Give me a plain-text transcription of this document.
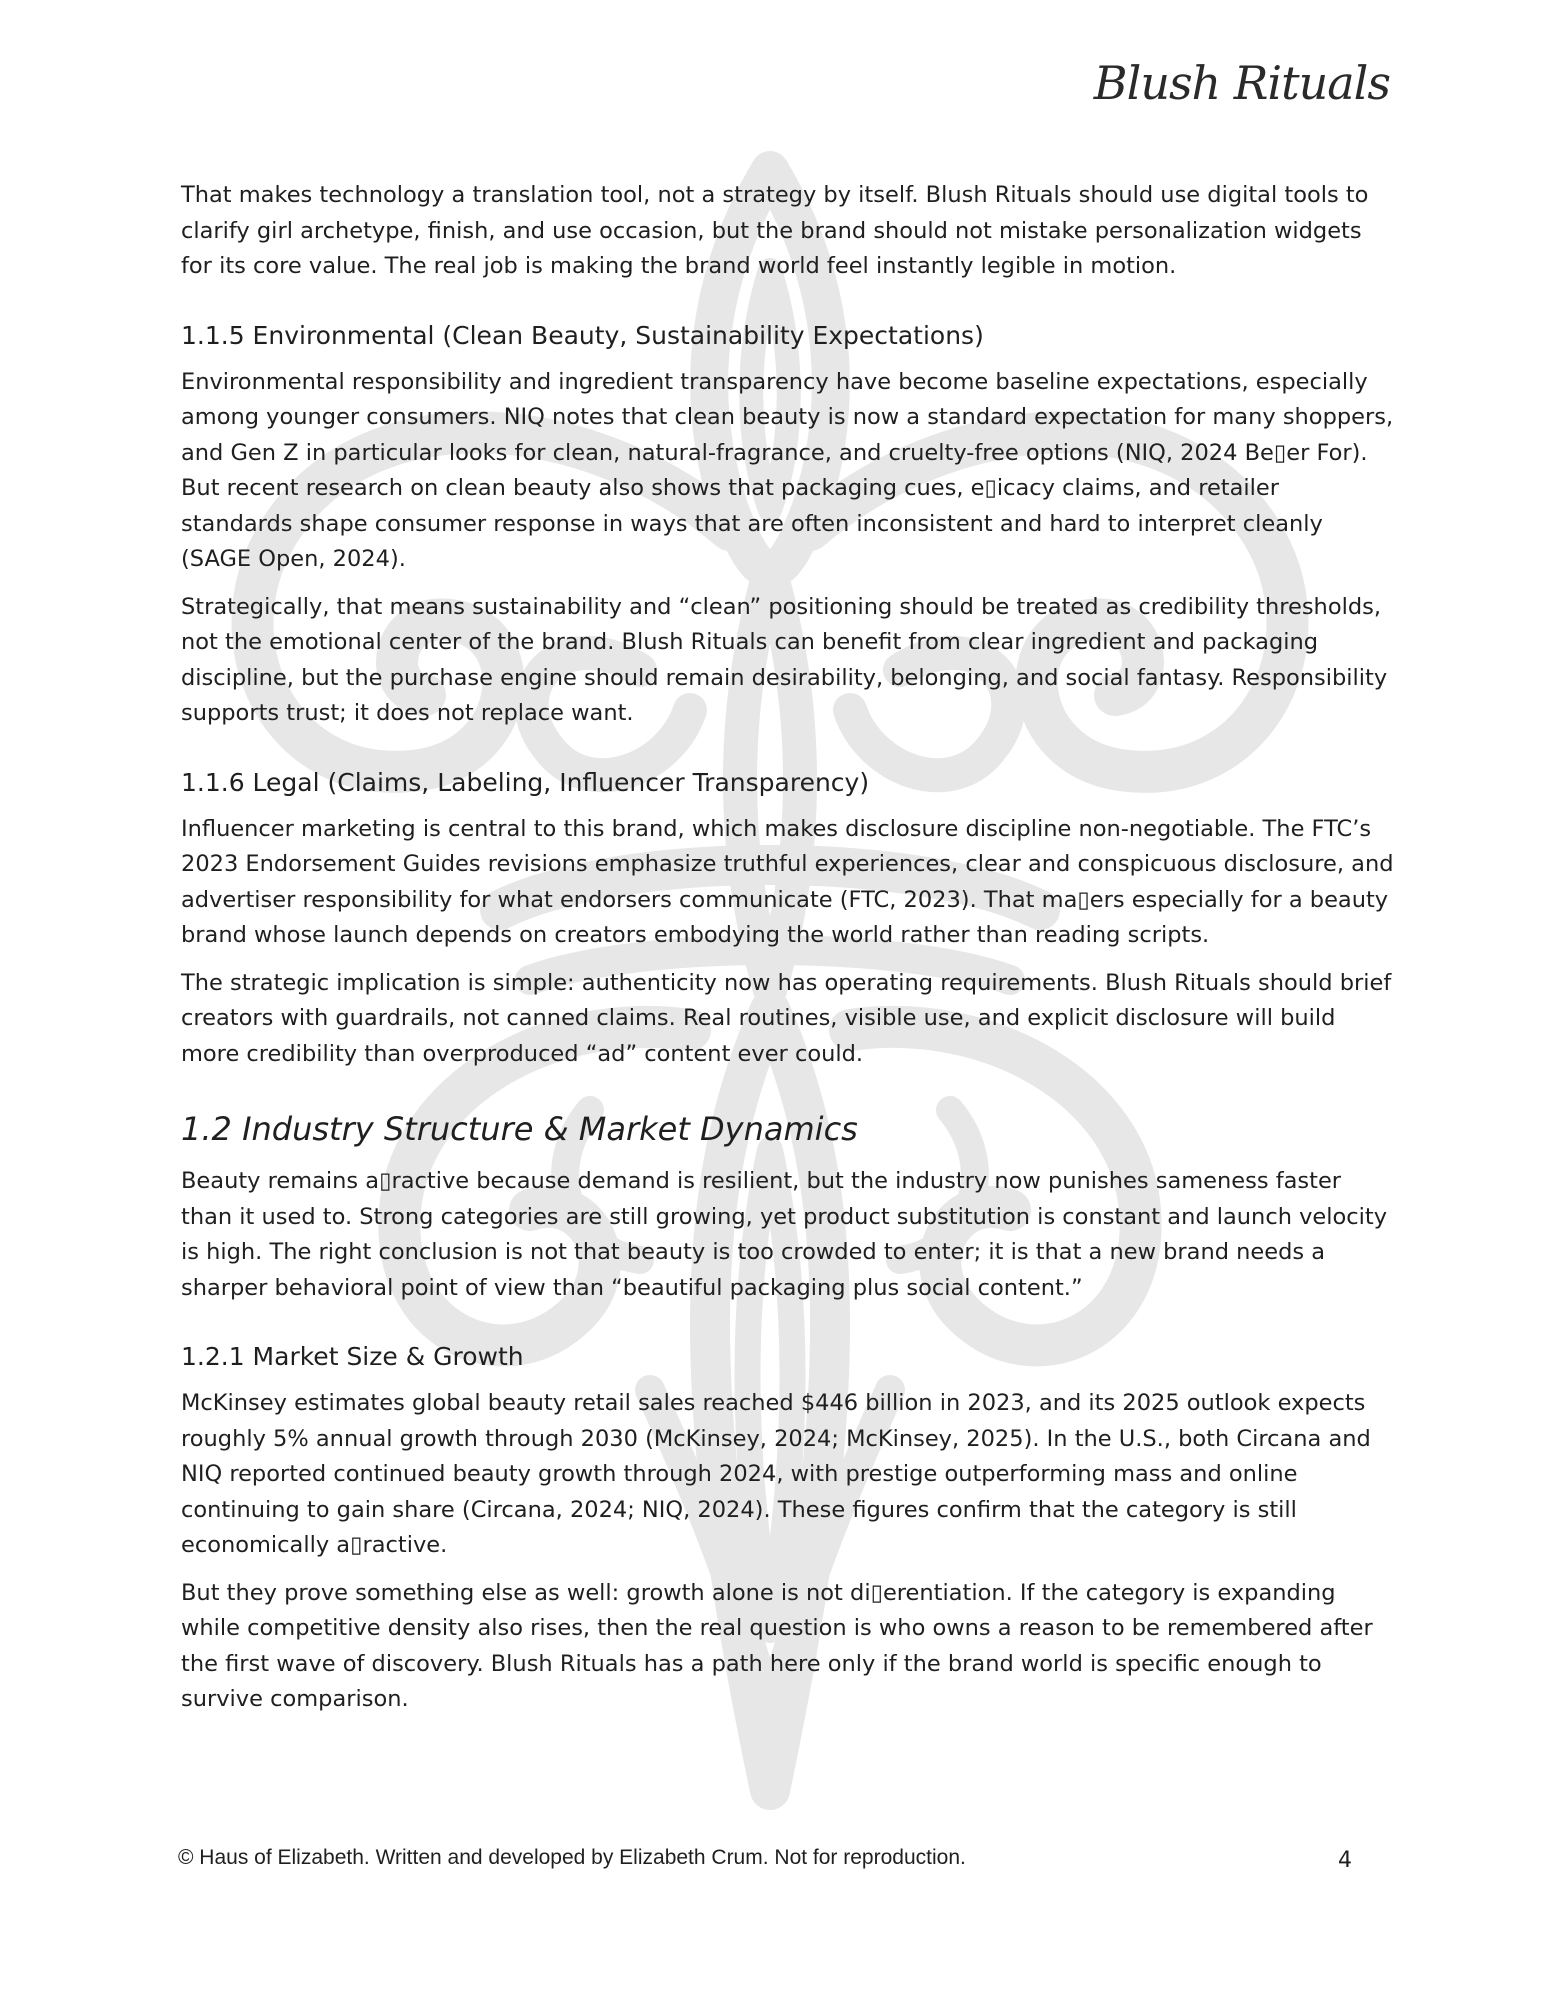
Blush Rituals

That makes technology a translation tool, not a strategy by itself. Blush Rituals should use digital tools to clarify girl archetype, finish, and use occasion, but the brand should not mistake personalization widgets for its core value. The real job is making the brand world feel instantly legible in motion.

1.1.5 Environmental (Clean Beauty, Sustainability Expectations)

Environmental responsibility and ingredient transparency have become baseline expectations, especially among younger consumers. NIQ notes that clean beauty is now a standard expectation for many shoppers, and Gen Z in particular looks for clean, natural-fragrance, and cruelty-free options (NIQ, 2024 Be▯er For). But recent research on clean beauty also shows that packaging cues, e▯icacy claims, and retailer standards shape consumer response in ways that are often inconsistent and hard to interpret cleanly (SAGE Open, 2024).

Strategically, that means sustainability and “clean” positioning should be treated as credibility thresholds, not the emotional center of the brand. Blush Rituals can benefit from clear ingredient and packaging discipline, but the purchase engine should remain desirability, belonging, and social fantasy. Responsibility supports trust; it does not replace want.

1.1.6 Legal (Claims, Labeling, Influencer Transparency)

Influencer marketing is central to this brand, which makes disclosure discipline non-negotiable. The FTC’s 2023 Endorsement Guides revisions emphasize truthful experiences, clear and conspicuous disclosure, and advertiser responsibility for what endorsers communicate (FTC, 2023). That ma▯ers especially for a beauty brand whose launch depends on creators embodying the world rather than reading scripts.

The strategic implication is simple: authenticity now has operating requirements. Blush Rituals should brief creators with guardrails, not canned claims. Real routines, visible use, and explicit disclosure will build more credibility than overproduced “ad” content ever could.

1.2 Industry Structure & Market Dynamics

Beauty remains a▯ractive because demand is resilient, but the industry now punishes sameness faster than it used to. Strong categories are still growing, yet product substitution is constant and launch velocity is high. The right conclusion is not that beauty is too crowded to enter; it is that a new brand needs a sharper behavioral point of view than “beautiful packaging plus social content.”

1.2.1 Market Size & Growth

McKinsey estimates global beauty retail sales reached $446 billion in 2023, and its 2025 outlook expects roughly 5% annual growth through 2030 (McKinsey, 2024; McKinsey, 2025). In the U.S., both Circana and NIQ reported continued beauty growth through 2024, with prestige outperforming mass and online continuing to gain share (Circana, 2024; NIQ, 2024). These figures confirm that the category is still economically a▯ractive.

But they prove something else as well: growth alone is not di▯erentiation. If the category is expanding while competitive density also rises, then the real question is who owns a reason to be remembered after the first wave of discovery. Blush Rituals has a path here only if the brand world is specific enough to survive comparison.

© Haus of Elizabeth. Written and developed by Elizabeth Crum. Not for reproduction.	4
